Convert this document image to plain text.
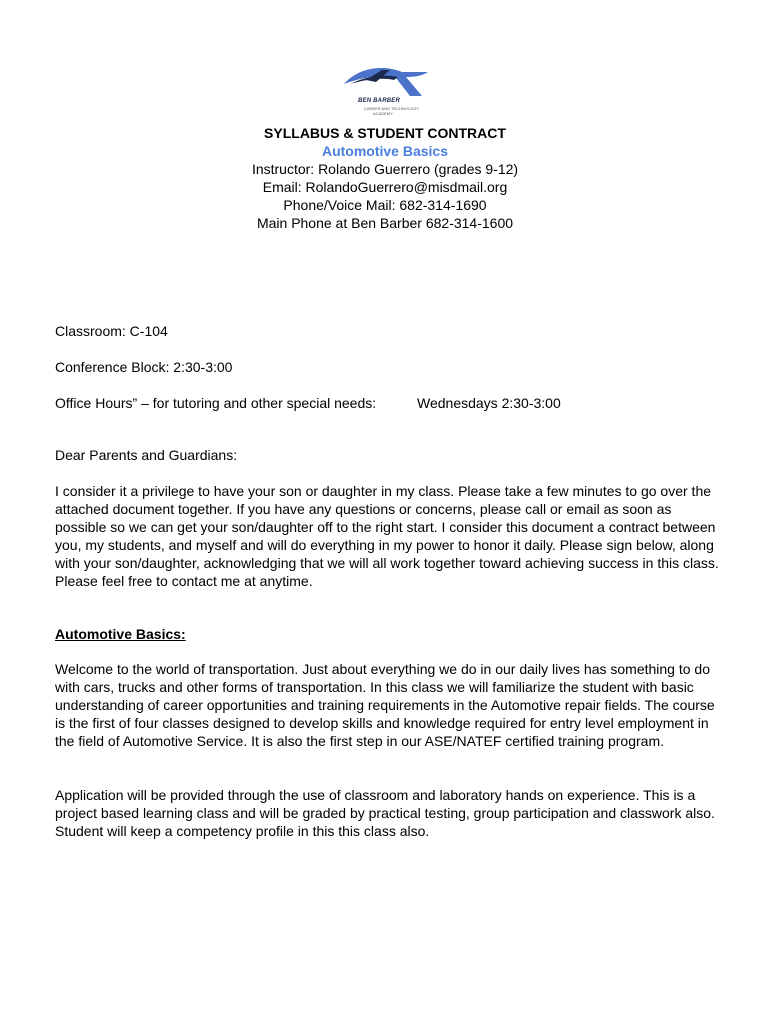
BEN BARBER
CAREER AND TECHNOLOGY
ACADEMY
SYLLABUS & STUDENT CONTRACT
Automotive Basics
Instructor: Rolando Guerrero (grades 9-12)
Email: RolandoGuerrero@misdmail.org
Phone/Voice Mail: 682-314-1690
Main Phone at Ben Barber 682-314-1600
Classroom: C-104
Conference Block: 2:30-3:00
Office Hours” – for tutoring and other special needs:	Wednesdays 2:30-3:00
Dear Parents and Guardians:
I consider it a privilege to have your son or daughter in my class. Please take a few minutes to go over the attached document together. If you have any questions or concerns, please call or email as soon as possible so we can get your son/daughter off to the right start. I consider this document a contract between you, my students, and myself and will do everything in my power to honor it daily. Please sign below, along with your son/daughter, acknowledging that we will all work together toward achieving success in this class. Please feel free to contact me at anytime.
Automotive Basics:
Welcome to the world of transportation. Just about everything we do in our daily lives has something to do with cars, trucks and other forms of transportation. In this class we will familiarize the student with basic understanding of career opportunities and training requirements in the Automotive repair fields. The course is the first of four classes designed to develop skills and knowledge required for entry level employment in the field of Automotive Service. It is also the first step in our ASE/NATEF certified training program.
Application will be provided through the use of classroom and laboratory hands on experience. This is a project based learning class and will be graded by practical testing, group participation and classwork also. Student will keep a competency profile in this this class also.
